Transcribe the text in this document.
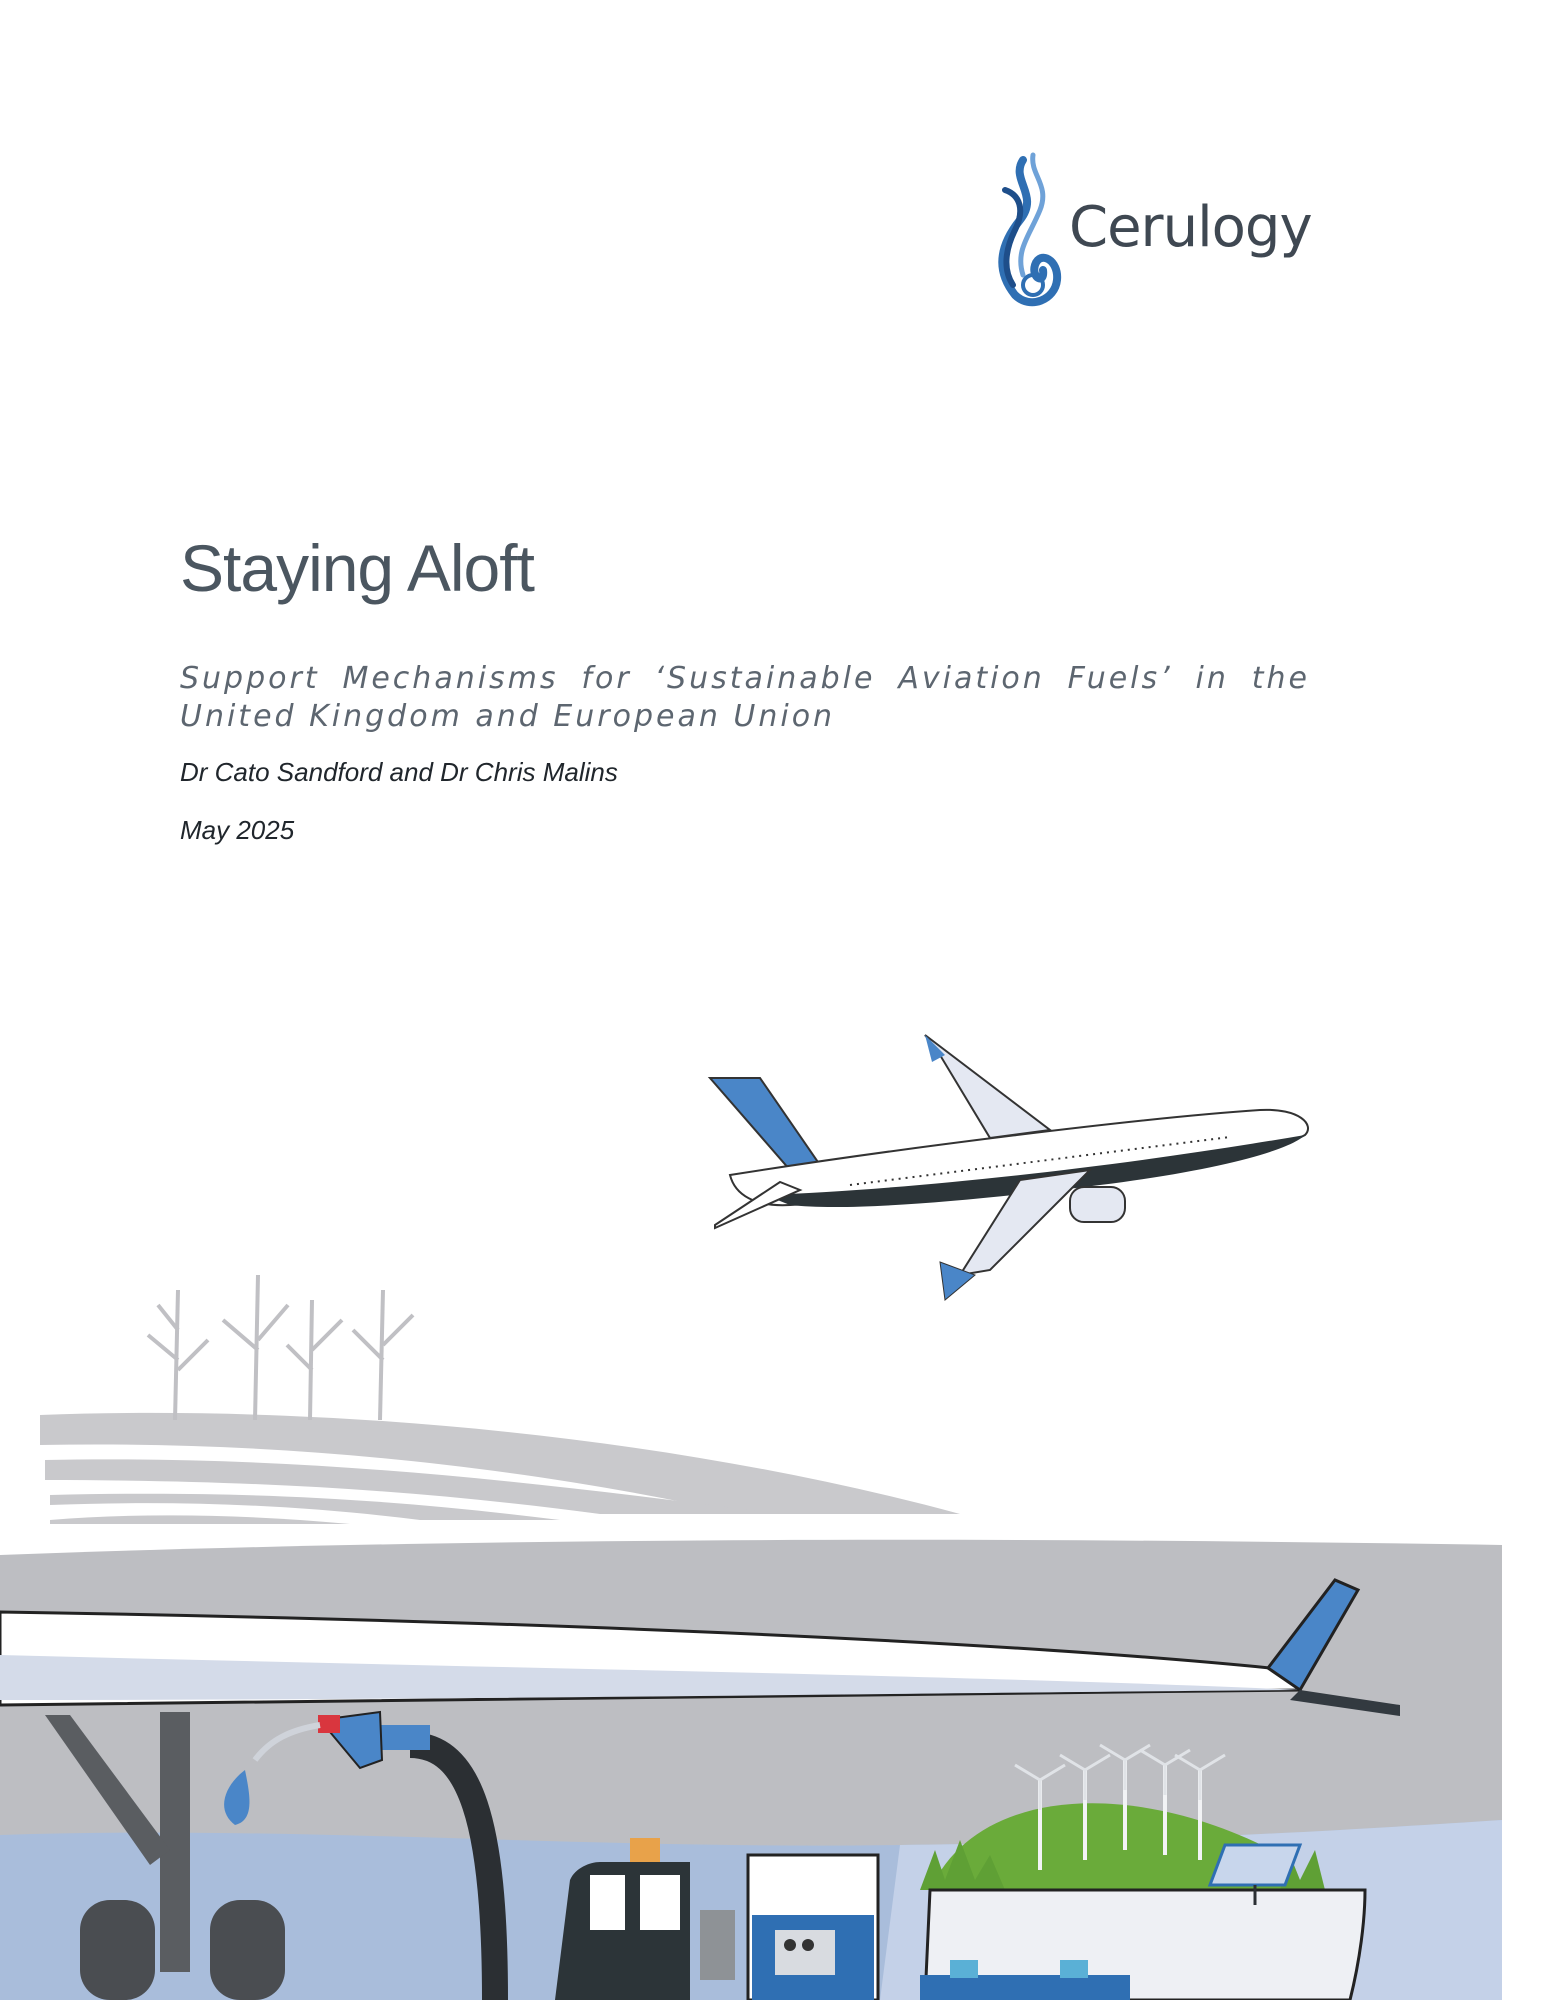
Cerulogy
Staying Aloft
Support Mechanisms for ‘Sustainable Aviation Fuels’ in the United Kingdom and European Union
Dr Cato Sandford and Dr Chris Malins
May 2025
